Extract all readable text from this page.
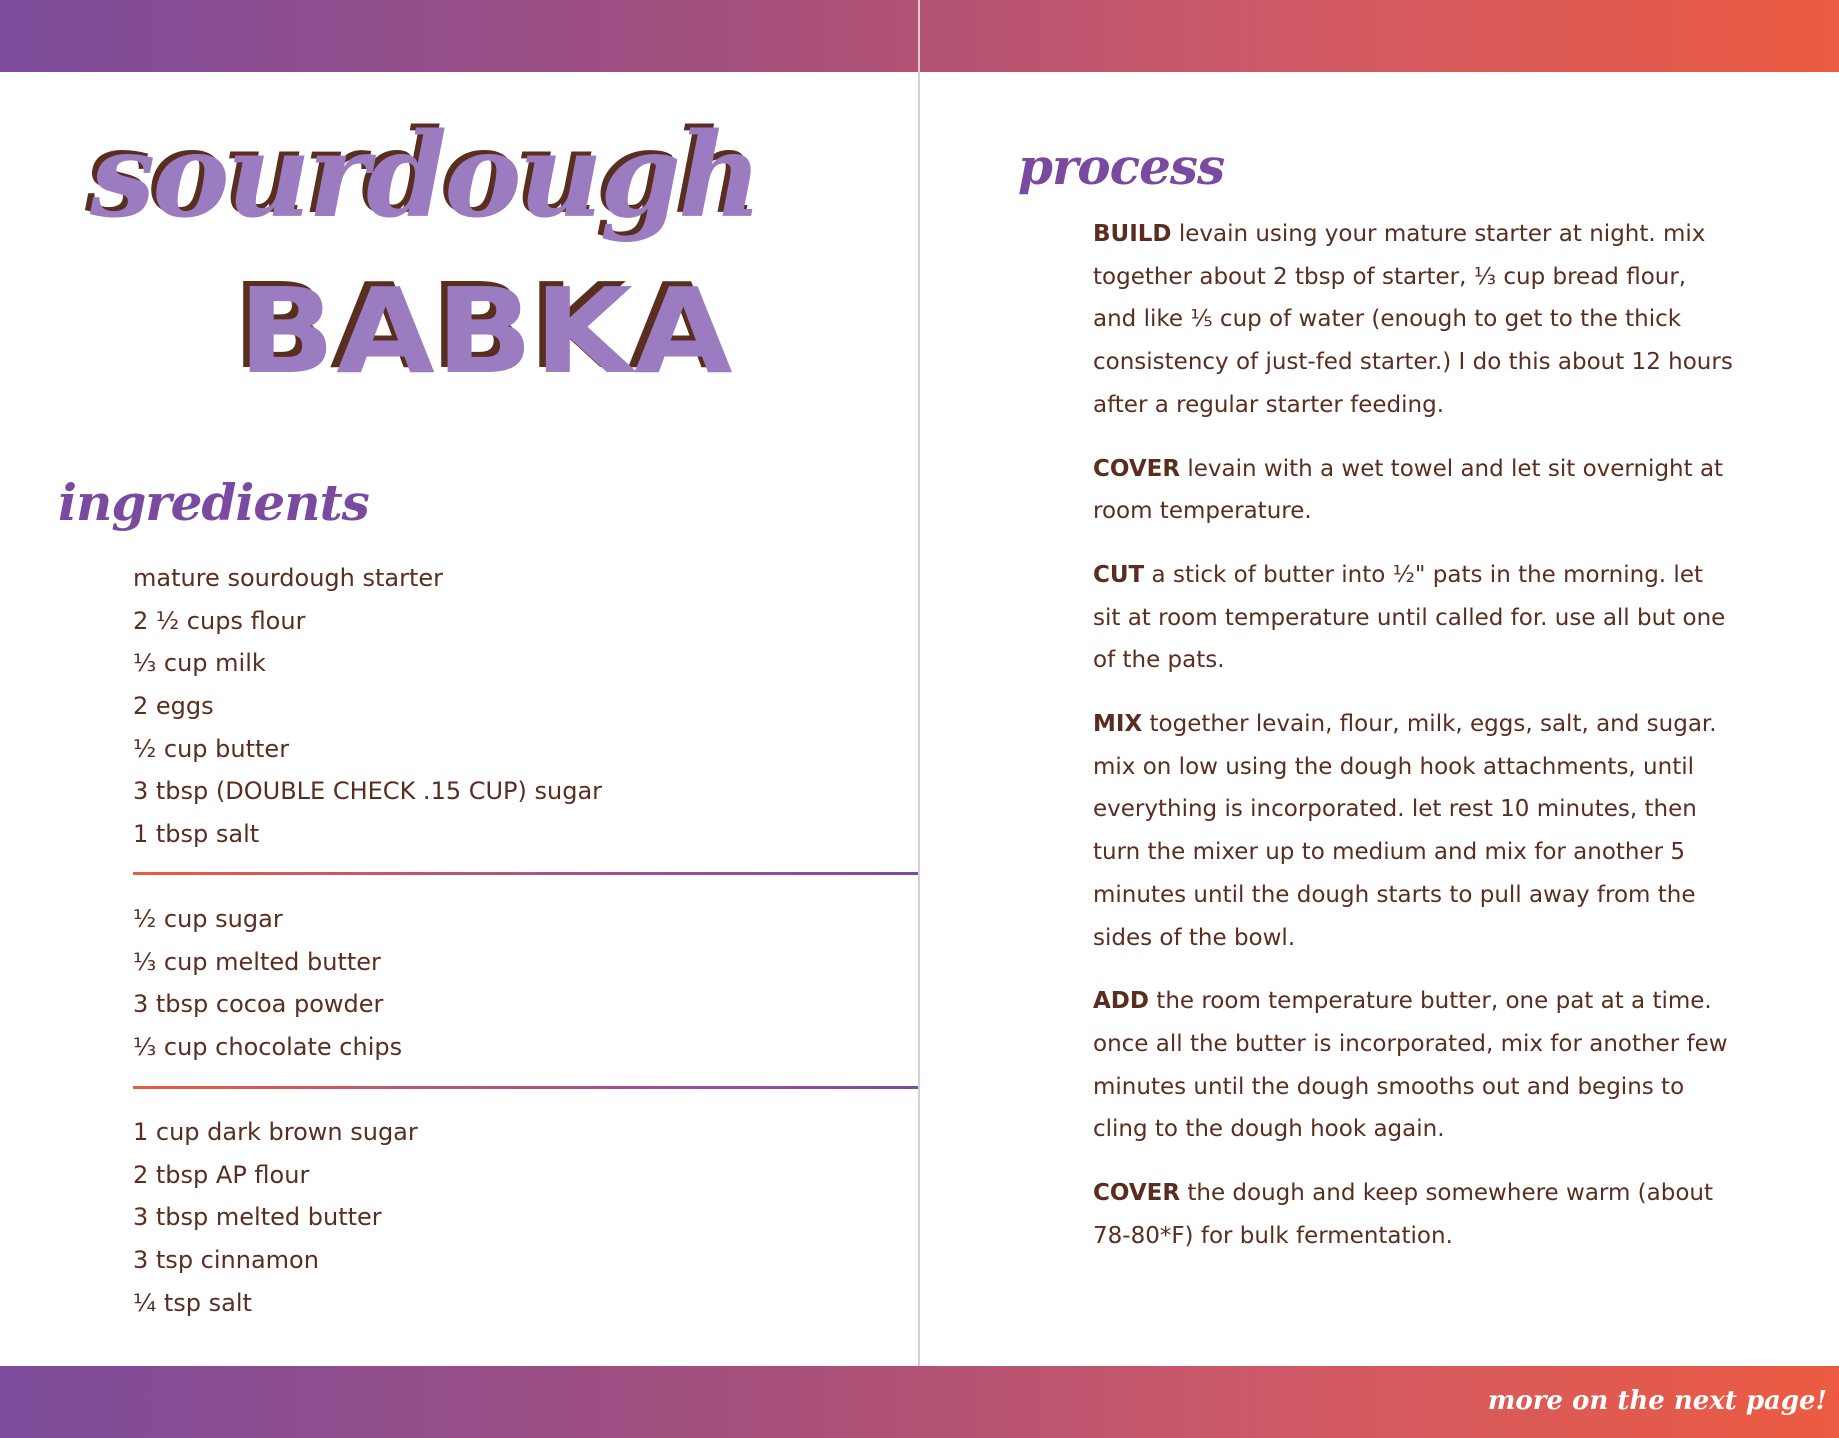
sourdough
BABKA
ingredients
mature sourdough starter
2 ½ cups flour
⅓ cup milk
2 eggs
½ cup butter
3 tbsp (DOUBLE CHECK .15 CUP) sugar
1 tbsp salt
½ cup sugar
⅓ cup melted butter
3 tbsp cocoa powder
⅓ cup chocolate chips
1 cup dark brown sugar
2 tbsp AP flour
3 tbsp melted butter
3 tsp cinnamon
¼ tsp salt
process

BUILD levain using your mature starter at night. mix together about 2 tbsp of starter, ⅓ cup bread flour, and like ⅕ cup of water (enough to get to the thick consistency of just-fed starter.) I do this about 12 hours after a regular starter feeding.

COVER levain with a wet towel and let sit overnight at room temperature.

CUT a stick of butter into ½" pats in the morning. let sit at room temperature until called for. use all but one of the pats.

MIX together levain, flour, milk, eggs, salt, and sugar. mix on low using the dough hook attachments, until everything is incorporated. let rest 10 minutes, then turn the mixer up to medium and mix for another 5 minutes until the dough starts to pull away from the sides of the bowl.

ADD the room temperature butter, one pat at a time. once all the butter is incorporated, mix for another few minutes until the dough smooths out and begins to cling to the dough hook again.

COVER the dough and keep somewhere warm (about 78-80*F) for bulk fermentation.

more on the next page!
